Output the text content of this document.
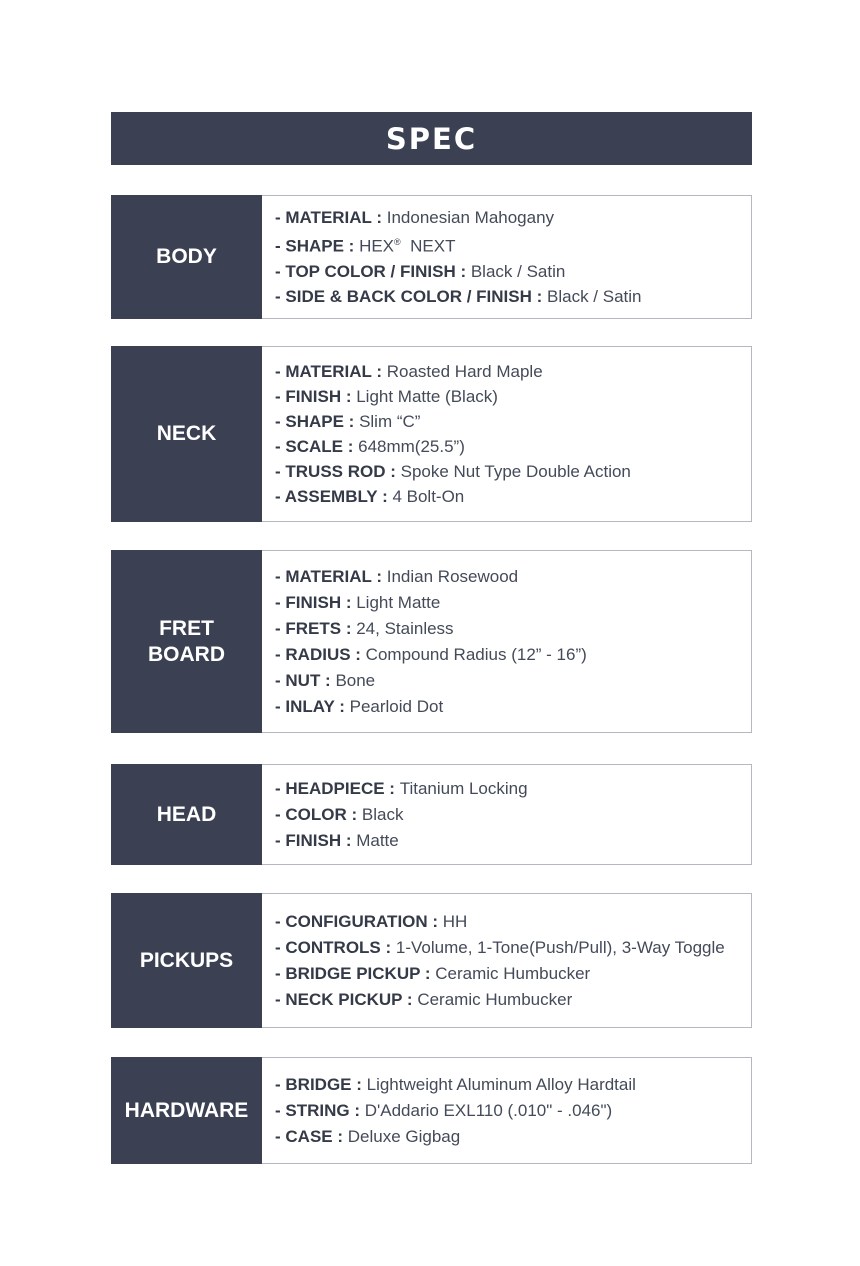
SPEC
BODY
- MATERIAL : Indonesian Mahogany
- SHAPE : HEX®  NEXT
- TOP COLOR / FINISH : Black / Satin
- SIDE & BACK COLOR / FINISH : Black / Satin
NECK
- MATERIAL : Roasted Hard Maple
- FINISH : Light Matte (Black)
- SHAPE : Slim “C”
- SCALE : 648mm(25.5”)
- TRUSS ROD : Spoke Nut Type Double Action
- ASSEMBLY : 4 Bolt-On
FRET
BOARD
- MATERIAL : Indian Rosewood
- FINISH : Light Matte
- FRETS : 24, Stainless
- RADIUS : Compound Radius (12” - 16”)
- NUT : Bone
- INLAY : Pearloid Dot
HEAD
- HEADPIECE : Titanium Locking
- COLOR : Black
- FINISH : Matte
PICKUPS
- CONFIGURATION : HH
- CONTROLS : 1-Volume, 1-Tone(Push/Pull), 3-Way Toggle
- BRIDGE PICKUP : Ceramic Humbucker
- NECK PICKUP : Ceramic Humbucker
HARDWARE
- BRIDGE : Lightweight Aluminum Alloy Hardtail
- STRING : D'Addario EXL110 (.010" - .046")
- CASE : Deluxe Gigbag
